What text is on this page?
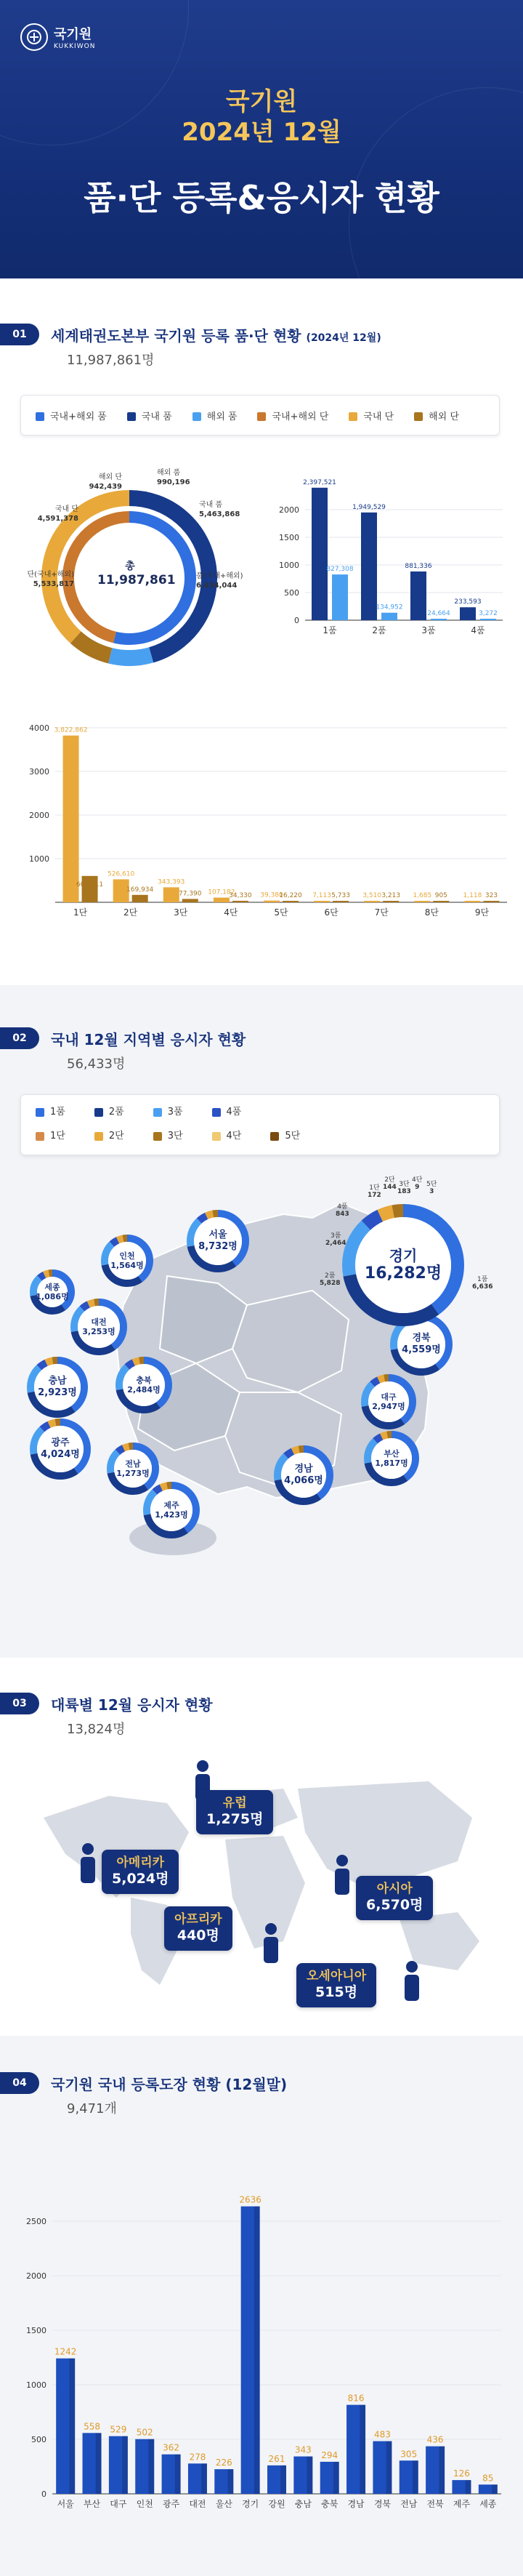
국기원
KUKKIWON
국기원
2024년 12월
품·단 등록&응시자 현황
01	세계태권도본부 국기원 등록 품·단 현황 (2024년 12월)
11,987,861명
국내+해외 품	국내 품	해외 품	국내+해외 단	국내 단	해외 단
총
11,987,861
해외 단
942,439
해외 품
990,196
국내 단
4,591,378
국내 품
5,463,868
단(국내+해외)
5,533,817
품(국내+해외)
6,454,044
0
500
1000
1500
2000
2,397,521
827,308
1품
1,949,529
134,952
2품
881,336
24,664
3품
233,593
3,272
4품
1000
2000
3000
4000 3,822,862
603,811
1단
526,610
169,934
2단
343,393
77,390
3단
107,182
34,330
4단
39,380
16,220
5단
7,113 5,733
6단
3,510 3,213
7단
1,685 905
8단
1,118 323
9단
02	국내 12월 지역별 응시자 현황
56,433명
1품	2품	3품	4품
1단	2단	3단	4단	5단
서울
8,732명
인천
1,564명
세종
1,086명
대전
3,253명
충남
2,923명
충북
2,484명
광주
4,024명
전남
1,273명
제주
1,423명
경남
4,066명
부산
1,817명
대구
2,947명
경북
4,559명
경기
16,282명
1단
172
2단
144 3단
183
4단
9	5단
3
4품
843
3품
2,464
2품
5,828
1품
6,636
03	대륙별 12월 응시자 현황
13,824명
유럽
1,275명
아메리카
5,024명
아시아
6,570명
아프리카
440명
오세아니아
515명
04	국기원 국내 등록도장 현황 (12월말)
9,471개
0
500
1000
1500
2000
2500
1242
서울
558
부산
529
대구
502
인천
362
광주
278
대전
226
울산
2636
경기
261
강원
343
충남
294
충북
816
경남
483
경북
305
전남
436
전북
126
제주
85
세종
